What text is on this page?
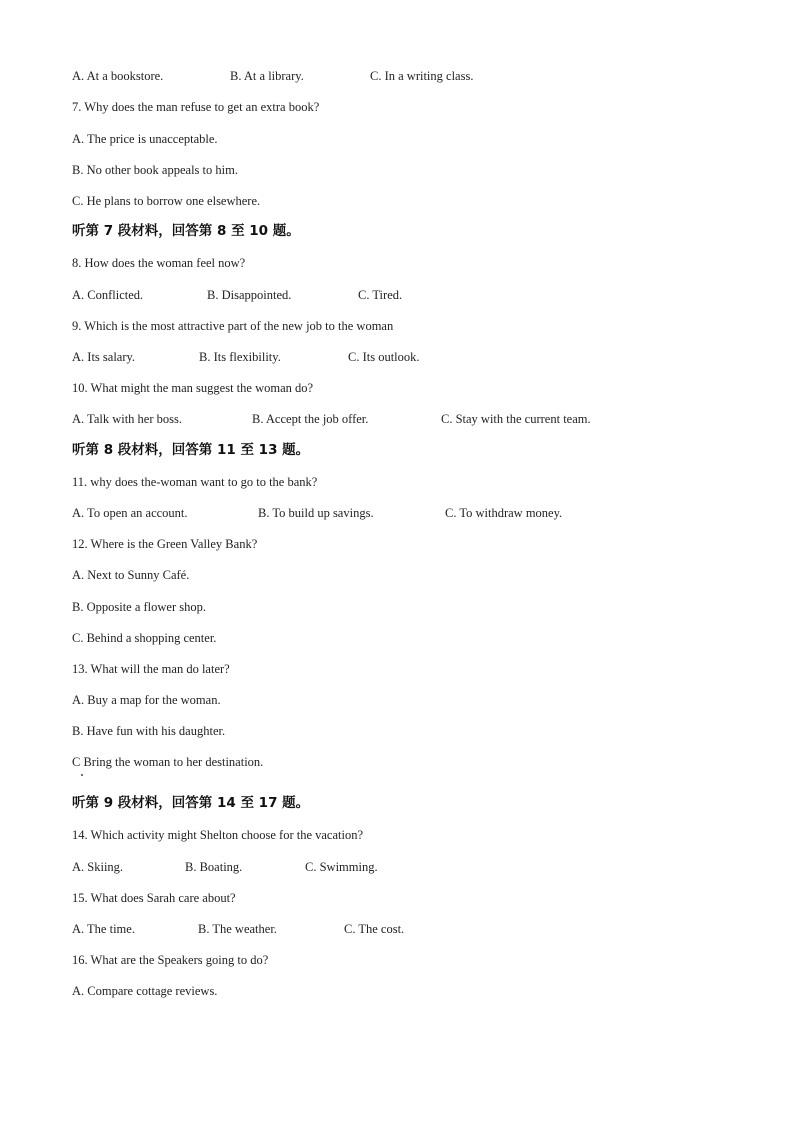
A. At a bookstore.	B. At a library.	C. In a writing class.
7. Why does the man refuse to get an extra book?
A. The price is unacceptable.
B. No other book appeals to him.
C. He plans to borrow one elsewhere.
听第 7 段材料，回答第 8 至 10 题。
8. How does the woman feel now?
A. Conflicted.	B. Disappointed.	C. Tired.
9. Which is the most attractive part of the new job to the woman
A. Its salary.	B. Its flexibility.	C. Its outlook.
10. What might the man suggest the woman do?
A. Talk with her boss.	B. Accept the job offer.	C. Stay with the current team.
听第 8 段材料，回答第 11 至 13 题。
11. why does the-woman want to go to the bank?
A. To open an account.	B. To build up savings.	C. To withdraw money.
12. Where is the Green Valley Bank?
A. Next to Sunny Café.
B. Opposite a flower shop.
C. Behind a shopping center.
13. What will the man do later?
A. Buy a map for the woman.
B. Have fun with his daughter.
C Bring the woman to her destination.
听第 9 段材料，回答第 14 至 17 题。
14. Which activity might Shelton choose for the vacation?
A. Skiing.	B. Boating.	C. Swimming.
15. What does Sarah care about?
A. The time.	B. The weather.	C. The cost.
16. What are the Speakers going to do?
A. Compare cottage reviews.
